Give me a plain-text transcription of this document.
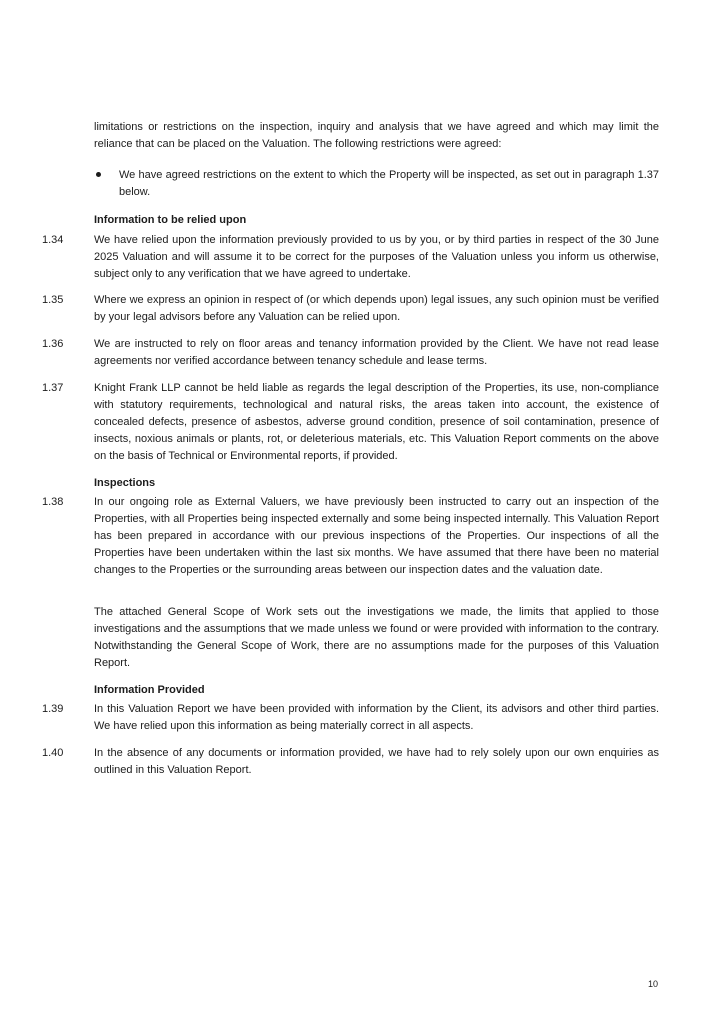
limitations or restrictions on the inspection, inquiry and analysis that we have agreed and which may limit the reliance that can be placed on the Valuation. The following restrictions were agreed:
We have agreed restrictions on the extent to which the Property will be inspected, as set out in paragraph 1.37 below.
Information to be relied upon
1.34	We have relied upon the information previously provided to us by you, or by third parties in respect of the 30 June 2025 Valuation and will assume it to be correct for the purposes of the Valuation unless you inform us otherwise, subject only to any verification that we have agreed to undertake.
1.35	Where we express an opinion in respect of (or which depends upon) legal issues, any such opinion must be verified by your legal advisors before any Valuation can be relied upon.
1.36	We are instructed to rely on floor areas and tenancy information provided by the Client. We have not read lease agreements nor verified accordance between tenancy schedule and lease terms.
1.37	Knight Frank LLP cannot be held liable as regards the legal description of the Properties, its use, non-compliance with statutory requirements, technological and natural risks, the areas taken into account, the existence of concealed defects, presence of asbestos, adverse ground condition, presence of soil contamination, presence of insects, noxious animals or plants, rot, or deleterious materials, etc. This Valuation Report comments on the above on the basis of Technical or Environmental reports, if provided.
Inspections
1.38	In our ongoing role as External Valuers, we have previously been instructed to carry out an inspection of the Properties, with all Properties being inspected externally and some being inspected internally. This Valuation Report has been prepared in accordance with our previous inspections of the Properties. Our inspections of all the Properties have been undertaken within the last six months. We have assumed that there have been no material changes to the Properties or the surrounding areas between our inspection dates and the valuation date.
The attached General Scope of Work sets out the investigations we made, the limits that applied to those investigations and the assumptions that we made unless we found or were provided with information to the contrary. Notwithstanding the General Scope of Work, there are no assumptions made for the purposes of this Valuation Report.
Information Provided
1.39	In this Valuation Report we have been provided with information by the Client, its advisors and other third parties. We have relied upon this information as being materially correct in all aspects.
1.40	In the absence of any documents or information provided, we have had to rely solely upon our own enquiries as outlined in this Valuation Report.
10
